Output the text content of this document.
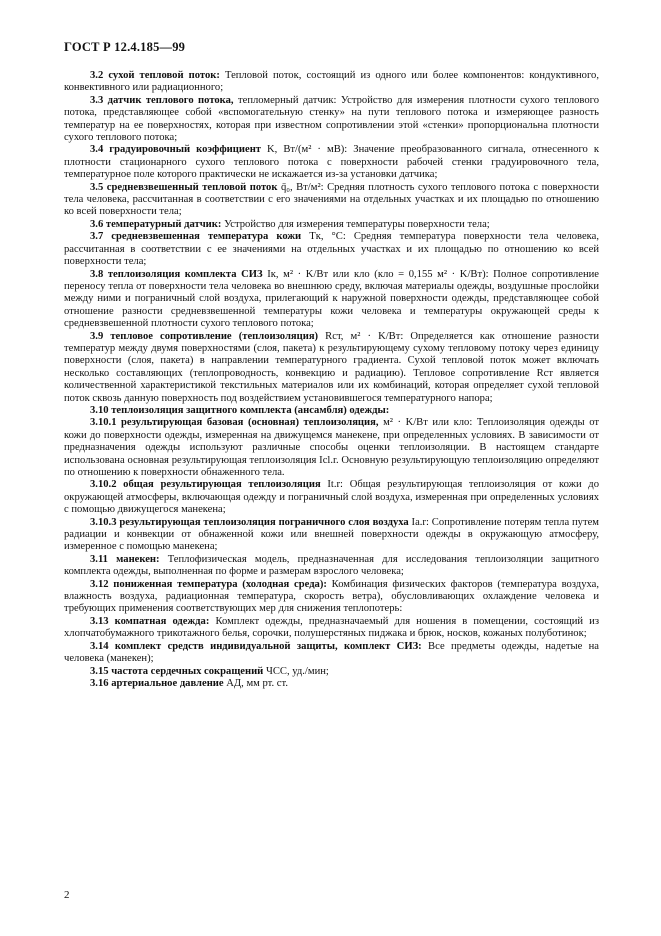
ГОСТ Р 12.4.185—99

3.2 сухой тепловой поток: Тепловой поток, состоящий из одного или более компонентов: кондуктивного, конвективного или радиационного;

3.3 датчик теплового потока, тепломерный датчик: Устройство для измерения плотности сухого теплового потока, представляющее собой «вспомогательную стенку» на пути теплового потока и измеряющее разность температур на ее поверхностях, которая при известном сопротивлении этой «стенки» пропорциональна плотности сухого теплового потока;

3.4 градуировочный коэффициент K, Вт/(м² · мВ): Значение преобразованного сигнала, отнесенного к плотности стационарного сухого теплового потока с поверхности рабочей стенки градуировочного тела, температурное поле которого практически не искажается из-за установки датчика;

3.5 средневзвешенный тепловой поток q̄₀, Вт/м²: Средняя плотность сухого теплового потока с поверхности тела человека, рассчитанная в соответствии с его значениями на отдельных участках и их площадью по отношению ко всей поверхности тела;

3.6 температурный датчик: Устройство для измерения температуры поверхности тела;

3.7 средневзвешенная температура кожи Tк, °С: Средняя температура поверхности тела человека, рассчитанная в соответствии с ее значениями на отдельных участках и их площадью по отношению ко всей поверхности тела;

3.8 теплоизоляция комплекта СИЗ Iк, м² · K/Вт или кло (кло = 0,155 м² · K/Вт): Полное сопротивление переносу тепла от поверхности тела человека во внешнюю среду, включая материалы одежды, воздушные прослойки между ними и пограничный слой воздуха, прилегающий к наружной поверхности одежды, представляющее собой отношение разности средневзвешенной температуры кожи человека и температуры окружающей среды к средневзвешенной плотности сухого теплового потока;

3.9 тепловое сопротивление (теплоизоляция) Rст, м² · K/Вт: Определяется как отношение разности температур между двумя поверхностями (слоя, пакета) к результирующему сухому тепловому потоку через единицу поверхности (слоя, пакета) в направлении температурного градиента. Сухой тепловой поток может включать несколько составляющих (теплопроводность, конвекцию и радиацию). Тепловое сопротивление Rст является количественной характеристикой текстильных материалов или их комбинаций, которая определяет сухой тепловой поток сквозь данную поверхность под воздействием установившегося температурного напора;

3.10 теплоизоляция защитного комплекта (ансамбля) одежды:

3.10.1 результирующая базовая (основная) теплоизоляция, м² · K/Вт или кло: Теплоизоляция одежды от кожи до поверхности одежды, измеренная на движущемся манекене, при определенных условиях. В зависимости от предназначения одежды используют различные способы оценки теплоизоляции. В настоящем стандарте использована основная результирующая теплоизоляция Icl.r. Основную результирующую теплоизоляцию определяют по отношению к поверхности обнаженного тела.

3.10.2 общая результирующая теплоизоляция It.r: Общая результирующая теплоизоляция от кожи до окружающей атмосферы, включающая одежду и пограничный слой воздуха, измеренная при определенных условиях с помощью движущегося манекена;

3.10.3 результирующая теплоизоляция пограничного слоя воздуха Ia.r: Сопротивление потерям тепла путем радиации и конвекции от обнаженной кожи или внешней поверхности одежды в окружающую атмосферу, измеренное с помощью манекена;

3.11 манекен: Теплофизическая модель, предназначенная для исследования теплоизоляции защитного комплекта одежды, выполненная по форме и размерам взрослого человека;

3.12 пониженная температура (холодная среда): Комбинация физических факторов (температура воздуха, влажность воздуха, радиационная температура, скорость ветра), обусловливающих охлаждение человека и требующих применения соответствующих мер для снижения теплопотерь:

3.13 компатная одежда: Комплект одежды, предназначаемый для ношения в помещении, состоящий из хлопчатобумажного трикотажного белья, сорочки, полушерстяных пиджака и брюк, носков, кожаных полуботинок;

3.14 комплект средств индивидуальной защиты, комплект СИЗ: Все предметы одежды, надетые на человека (манекен);

3.15 частота сердечных сокращений ЧСС, уд./мин;

3.16 артериальное давление АД, мм рт. ст.

2
